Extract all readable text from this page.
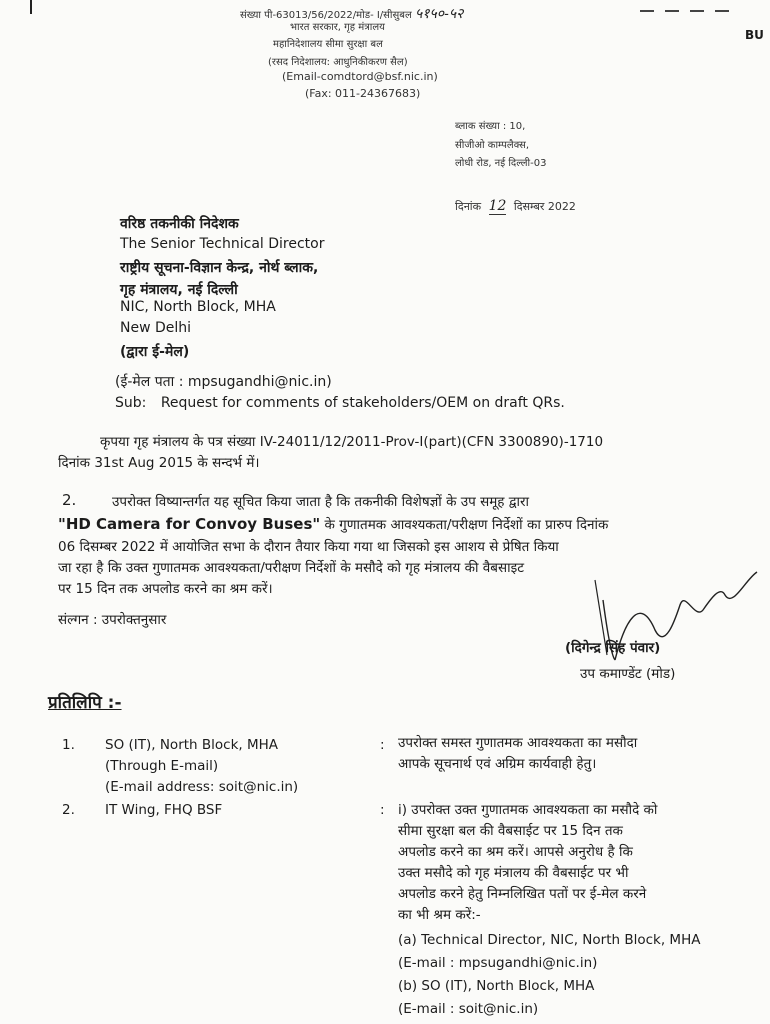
BU
संख्या पी-63013/56/2022/मोड- I/सीसुबल ५१५०-५२
भारत सरकार, गृह मंत्रालय
महानिदेशालय सीमा सुरक्षा बल
(रसद निदेशालय: आधुनिकीकरण सैल)
(Email-comdtord@bsf.nic.in)
(Fax: 011-24367683)
ब्लाक संख्या : 10,
सीजीओ काम्पलैक्स,
लोधी रोड, नई दिल्ली-03
दिनांक 12 दिसम्बर 2022
वरिष्ठ तकनीकी निदेशक
The Senior Technical Director
राष्ट्रीय सूचना-विज्ञान केन्द्र, नोर्थ ब्लाक,
गृह मंत्रालय, नई दिल्ली
NIC, North Block, MHA
New Delhi
(द्वारा ई-मेल)
(ई-मेल पता : mpsugandhi@nic.in)
Sub: Request for comments of stakeholders/OEM on draft QRs.
कृपया गृह मंत्रालय के पत्र संख्या IV-24011/12/2011-Prov-I(part)(CFN 3300890)-1710
दिनांक 31st Aug 2015 के सन्दर्भ में।
2.	उपरोक्त विष्यान्तर्गत यह सूचित किया जाता है कि तकनीकी विशेषज्ञों के उप समूह द्वारा
"HD Camera for Convoy Buses" के गुणातमक आवश्यकता/परीक्षण निर्देशों का प्रारुप दिनांक
06 दिसम्बर 2022 में आयोजित सभा के दौरान तैयार किया गया था जिसको इस आशय से प्रेषित किया
जा रहा है कि उक्त गुणातमक आवश्यकता/परीक्षण निर्देशों के मसौदे को गृह मंत्रालय की वैबसाइट
पर 15 दिन तक अपलोड करने का श्रम करें।
संल्गन : उपरोक्तनुसार
(दिगेन्द्र सिंह पंवार)
उप कमाण्डेंट (मोड)
प्रतिलिपि :-
1. SO (IT), North Block, MHA
(Through E-mail)
(E-mail address: soit@nic.in)
: उपरोक्त समस्त गुणातमक आवश्यकता का मसौदा
आपके सूचनार्थ एवं अग्रिम कार्यवाही हेतु।
2. IT Wing, FHQ BSF	: i) उपरोक्त उक्त गुणातमक आवश्यकता का मसौदे को
सीमा सुरक्षा बल की वैबसाईट पर 15 दिन तक
अपलोड करने का श्रम करें। आपसे अनुरोध है कि
उक्त मसौदे को गृह मंत्रालय की वैबसाईट पर भी
अपलोड करने हेतु निम्नलिखित पतों पर ई-मेल करने
का भी श्रम करें:-
(a) Technical Director, NIC, North Block, MHA
(E-mail : mpsugandhi@nic.in)
(b) SO (IT), North Block, MHA
(E-mail : soit@nic.in)
